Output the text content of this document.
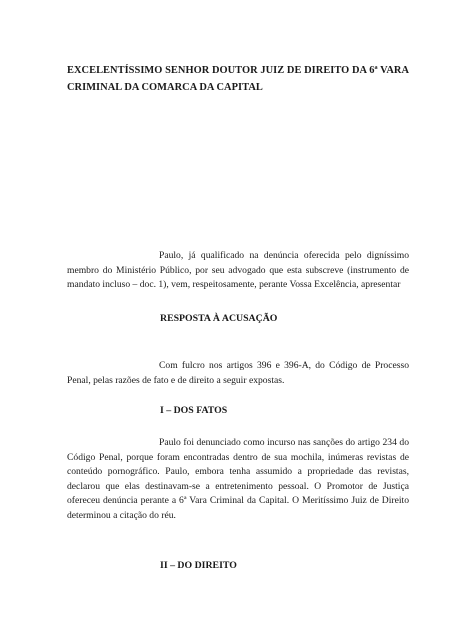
EXCELENTÍSSIMO SENHOR DOUTOR JUIZ DE DIREITO DA 6ª VARA CRIMINAL DA COMARCA DA CAPITAL
Paulo, já qualificado na denúncia oferecida pelo digníssimo membro do Ministério Público, por seu advogado que esta subscreve (instrumento de mandato incluso – doc. 1), vem, respeitosamente, perante Vossa Excelência, apresentar
RESPOSTA À ACUSAÇÃO
Com fulcro nos artigos 396 e 396-A, do Código de Processo Penal, pelas razões de fato e de direito a seguir expostas.
I – DOS FATOS
Paulo foi denunciado como incurso nas sanções do artigo 234 do Código Penal, porque foram encontradas dentro de sua mochila, inúmeras revistas de conteúdo pornográfico. Paulo, embora tenha assumido a propriedade das revistas, declarou que elas destinavam-se a entretenimento pessoal. O Promotor de Justiça ofereceu denúncia perante a 6ª Vara Criminal da Capital. O Meritíssimo Juiz de Direito determinou a citação do réu.
II – DO DIREITO
